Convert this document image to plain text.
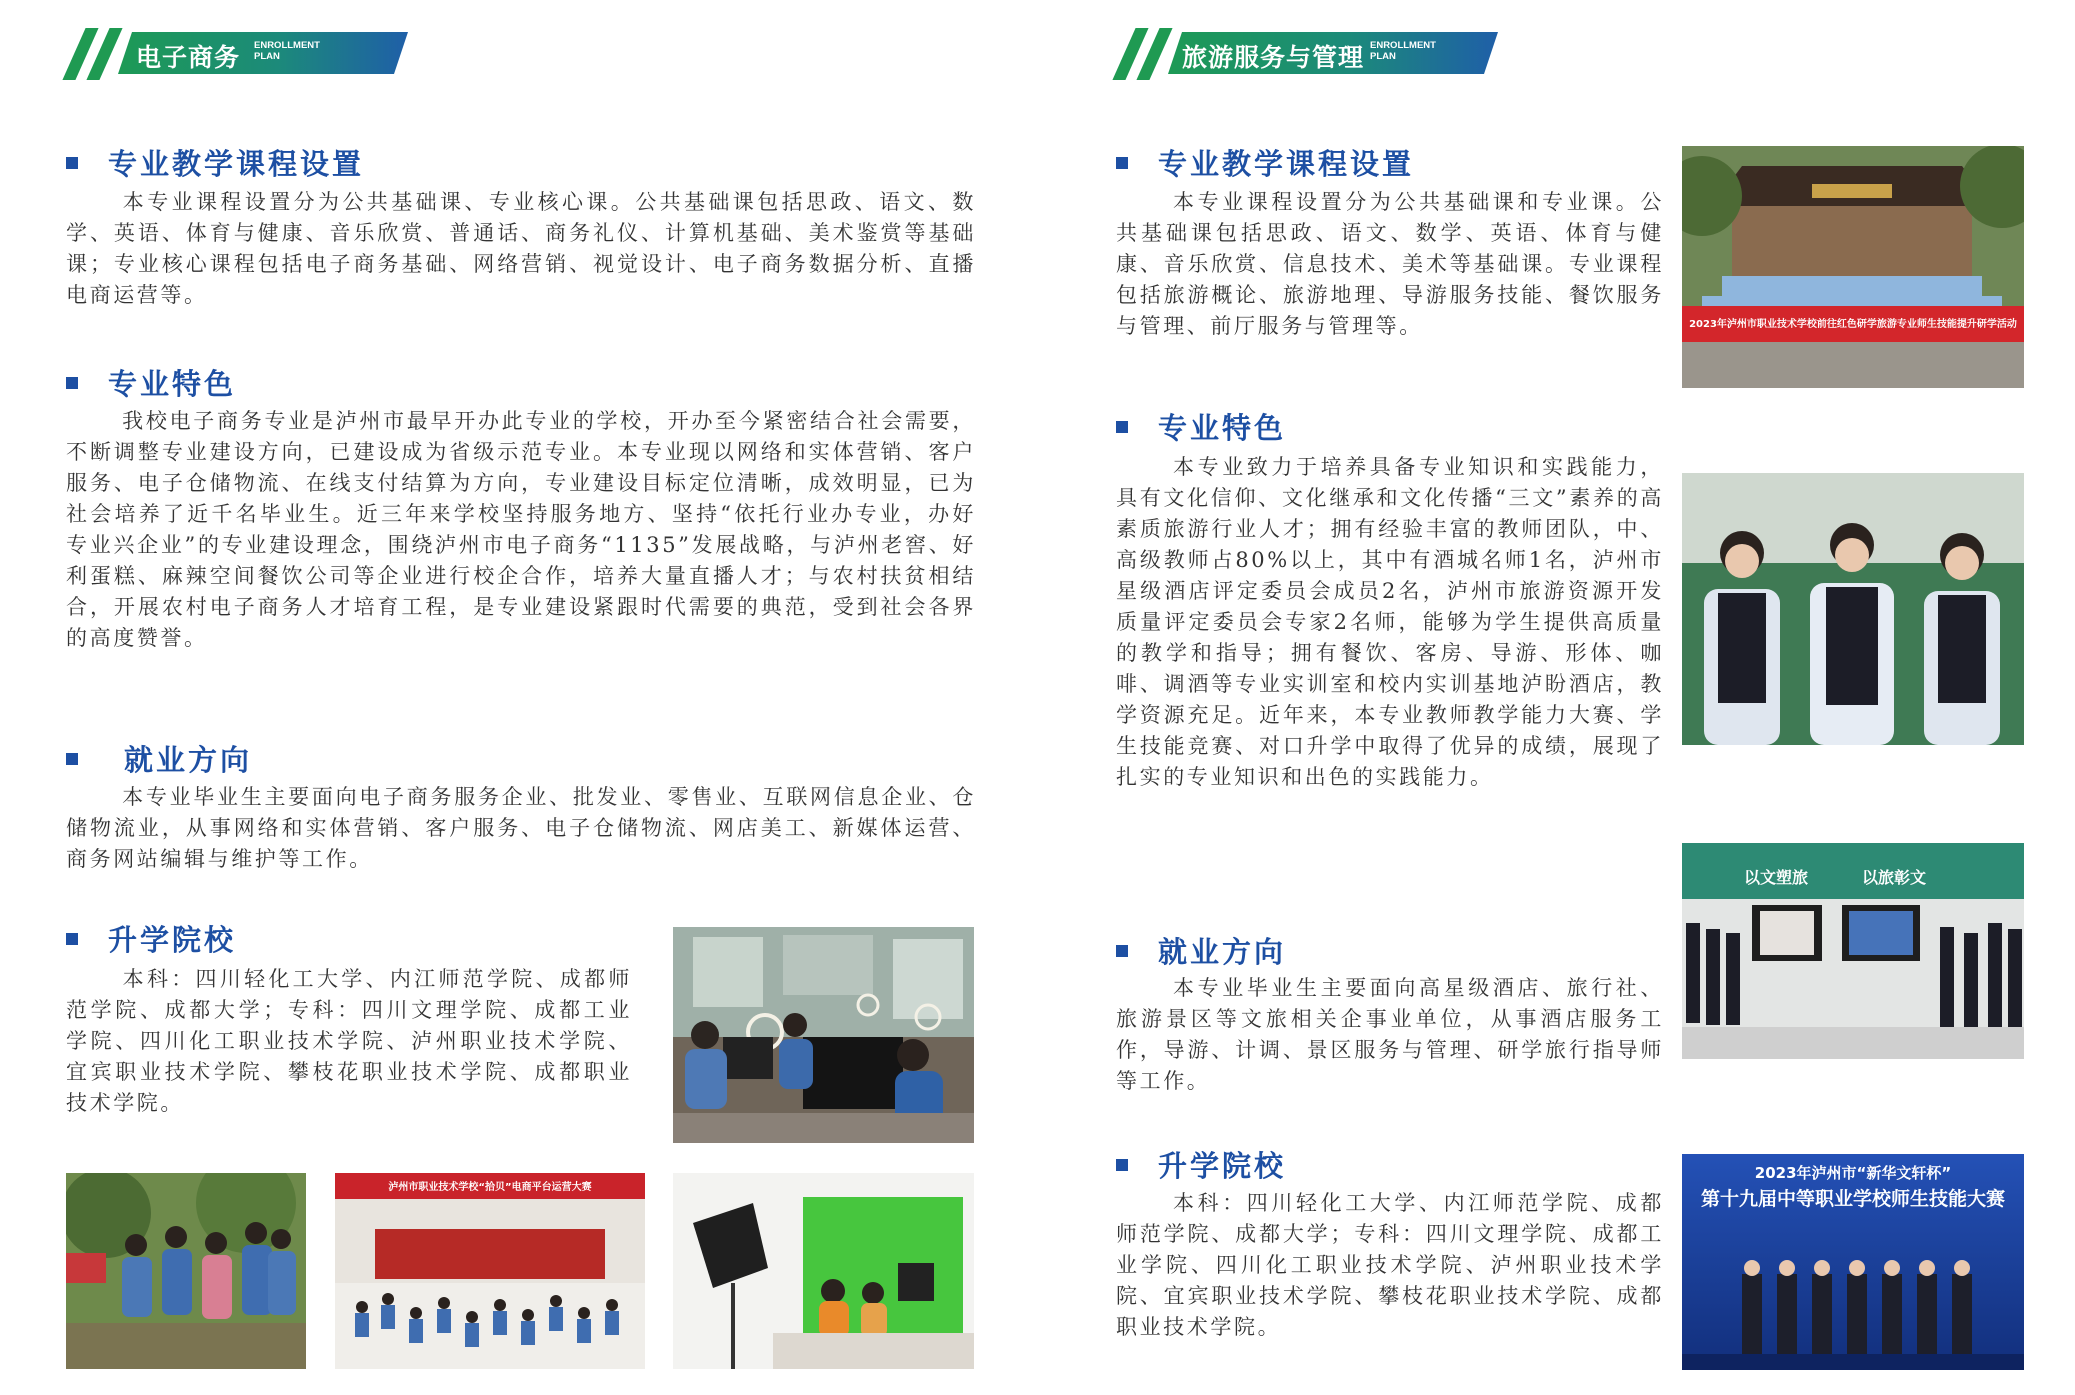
电子商务 ENROLLMENT
PLAN
专业教学课程设置

本专业课程设置分为公共基础课、专业核心课。公共基础课包括思政、语文、数学、英语、体育与健康、音乐欣赏、普通话、商务礼仪、计算机基础、美术鉴赏等基础课；专业核心课程包括电子商务基础、网络营销、视觉设计、电子商务数据分析、直播电商运营等。

专业特色

我校电子商务专业是泸州市最早开办此专业的学校，开办至今紧密结合社会需要，不断调整专业建设方向，已建设成为省级示范专业。本专业现以网络和实体营销、客户服务、电子仓储物流、在线支付结算为方向，专业建设目标定位清晰，成效明显，已为社会培养了近千名毕业生。近三年来学校坚持服务地方、坚持“依托行业办专业，办好专业兴企业”的专业建设理念，围绕泸州市电子商务“1135”发展战略，与泸州老窖、好利蛋糕、麻辣空间餐饮公司等企业进行校企合作，培养大量直播人才；与农村扶贫相结合，开展农村电子商务人才培育工程，是专业建设紧跟时代需要的典范，受到社会各界的高度赞誉。

就业方向

本专业毕业生主要面向电子商务服务企业、批发业、零售业、互联网信息企业、仓储物流业，从事网络和实体营销、客户服务、电子仓储物流、网店美工、新媒体运营、商务网站编辑与维护等工作。

升学院校

本科：四川轻化工大学、内江师范学院、成都师范学院、成都大学；专科：四川文理学院、成都工业学院、四川化工职业技术学院、泸州职业技术学院、宜宾职业技术学院、攀枝花职业技术学院、成都职业技术学院。

泸州市职业技术学校“拾贝”电商平台运营大赛
旅游服务与管理 ENROLLMENT
PLAN
专业教学课程设置

本专业课程设置分为公共基础课和专业课。公共基础课包括思政、语文、数学、英语、体育与健康、音乐欣赏、信息技术、美术等基础课。专业课程包括旅游概论、旅游地理、导游服务技能、餐饮服务与管理、前厅服务与管理等。

专业特色

本专业致力于培养具备专业知识和实践能力，具有文化信仰、文化继承和文化传播“三文”素养的高素质旅游行业人才；拥有经验丰富的教师团队，中、高级教师占80%以上，其中有酒城名师1名，泸州市星级酒店评定委员会成员2名，泸州市旅游资源开发质量评定委员会专家2名师，能够为学生提供高质量的教学和指导；拥有餐饮、客房、导游、形体、咖啡、调酒等专业实训室和校内实训基地泸盼酒店，教学资源充足。近年来，本专业教师教学能力大赛、学生技能竞赛、对口升学中取得了优异的成绩，展现了扎实的专业知识和出色的实践能力。

就业方向

本专业毕业生主要面向高星级酒店、旅行社、旅游景区等文旅相关企事业单位，从事酒店服务工作，导游、计调、景区服务与管理、研学旅行指导师等工作。

升学院校

本科：四川轻化工大学、内江师范学院、成都师范学院、成都大学；专科：四川文理学院、成都工业学院、四川化工职业技术学院、泸州职业技术学院、宜宾职业技术学院、攀枝花职业技术学院、成都职业技术学院。

2023年泸州市职业技术学校前往红色研学旅游专业师生技能提升研学活动
以文塑旅	以旅彰文
2023年泸州市“新华文轩杯”
第十九届中等职业学校师生技能大赛
